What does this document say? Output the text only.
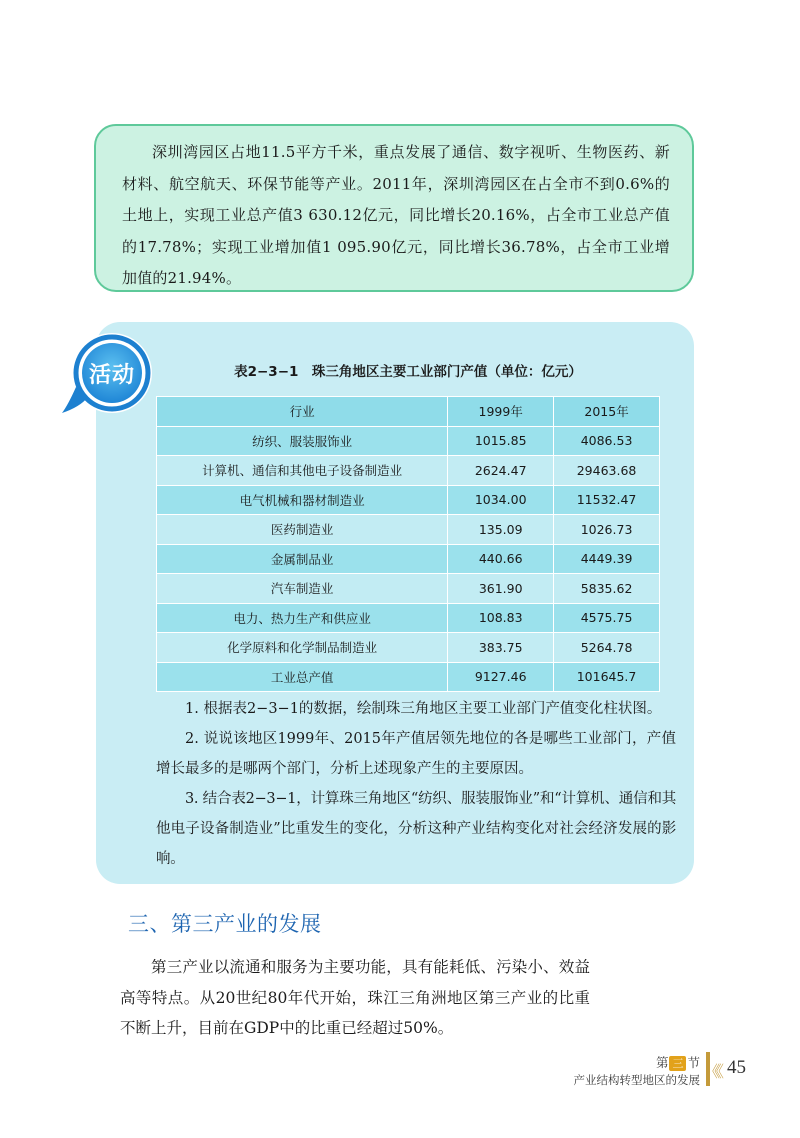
深圳湾园区占地11.5平方千米，重点发展了通信、数字视听、生物医药、新材料、航空航天、环保节能等产业。2011年，深圳湾园区在占全市不到0.6%的土地上，实现工业总产值3 630.12亿元，同比增长20.16%，占全市工业总产值的17.78%；实现工业增加值1 095.90亿元，同比增长36.78%，占全市工业增加值的21.94%。

活动	表2−3−1　珠三角地区主要工业部门产值（单位：亿元）
行业	1999年	2015年
纺织、服装服饰业	1015.85	4086.53
计算机、通信和其他电子设备制造业	2624.47	29463.68
电气机械和器材制造业	1034.00	11532.47
医药制造业	135.09	1026.73
金属制品业	440.66	4449.39
汽车制造业	361.90	5835.62
电力、热力生产和供应业	108.83	4575.75
化学原料和化学制品制造业	383.75	5264.78
工业总产值	9127.46	101645.7

1. 根据表2−3−1的数据，绘制珠三角地区主要工业部门产值变化柱状图。

2. 说说该地区1999年、2015年产值居领先地位的各是哪些工业部门，产值增长最多的是哪两个部门，分析上述现象产生的主要原因。

3. 结合表2−3−1，计算珠三角地区“纺织、服装服饰业”和“计算机、通信和其他电子设备制造业”比重发生的变化，分析这种产业结构变化对社会经济发展的影响。

三、第三产业的发展

第三产业以流通和服务为主要功能，具有能耗低、污染小、效益高等特点。从20世纪80年代开始，珠江三角洲地区第三产业的比重不断上升，目前在GDP中的比重已经超过50%。

第 三 节
产业结构转型地区的发展 《《 45
